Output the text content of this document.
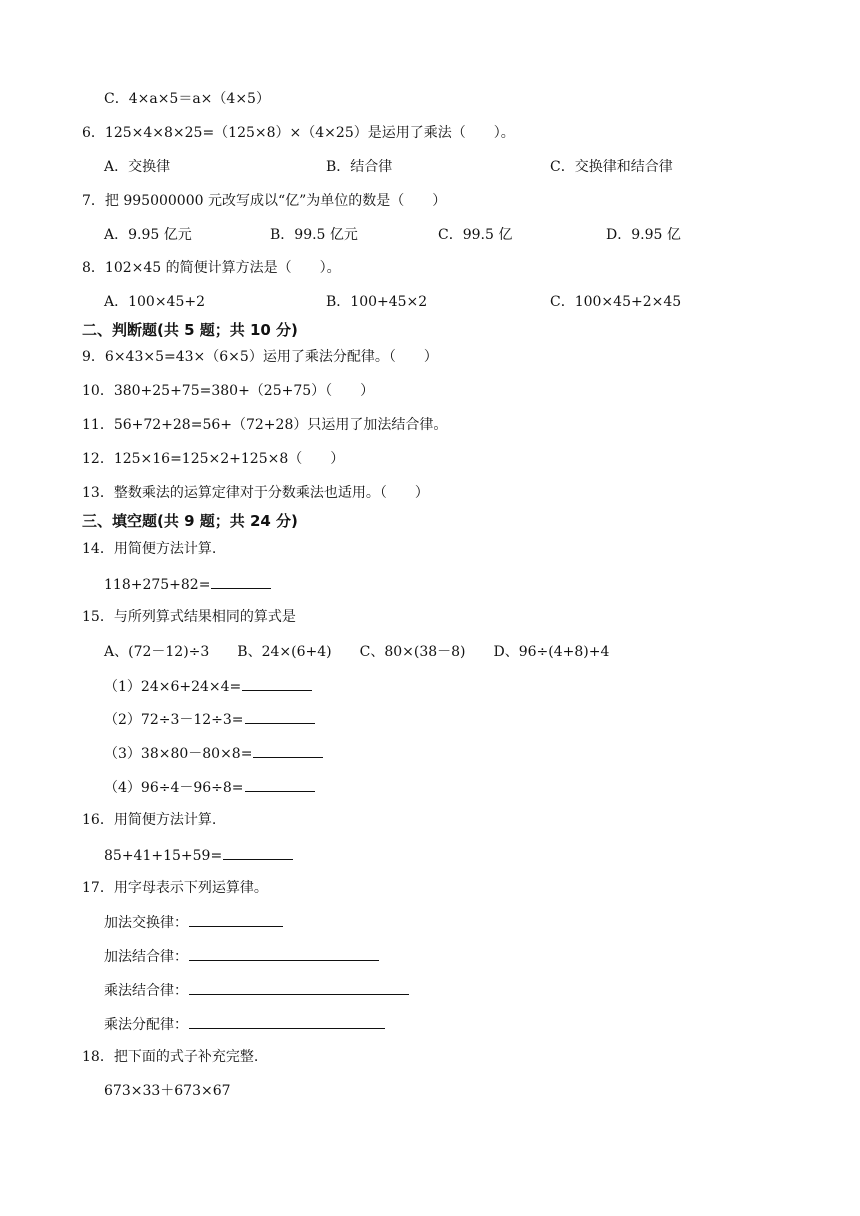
C．4×a×5＝a×（4×5）
6．125×4×8×25=（125×8）×（4×25）是运用了乘法（　　）。
A．交换律	B．结合律	C．交换律和结合律
7．把 995000000 元改写成以“亿”为单位的数是（　　）
A．9.95 亿元	B．99.5 亿元	C．99.5 亿	D．9.95 亿
8．102×45 的简便计算方法是（　　）。
A．100×45+2	B．100+45×2	C．100×45+2×45
二、判断题(共 5 题；共 10 分)
9．6×43×5=43×（6×5）运用了乘法分配律。（　　）
10．380+25+75=380+（25+75）（　　）
11．56+72+28=56+（72+28）只运用了加法结合律。
12．125×16=125×2+125×8（　　）
13．整数乘法的运算定律对于分数乘法也适用。（　　）
三、填空题(共 9 题；共 24 分)
14．用简便方法计算.
118+275+82=
15．与所列算式结果相同的算式是
A、(72－12)÷3　　B、24×(6+4)　　C、80×(38－8)　　D、96÷(4+8)+4
（1）24×6+24×4=
（2）72÷3－12÷3=
（3）38×80－80×8=
（4）96÷4－96÷8=
16．用简便方法计算.
85+41+15+59=
17．用字母表示下列运算律。
加法交换律：
加法结合律：
乘法结合律：
乘法分配律：
18．把下面的式子补充完整.
673×33＋673×67
